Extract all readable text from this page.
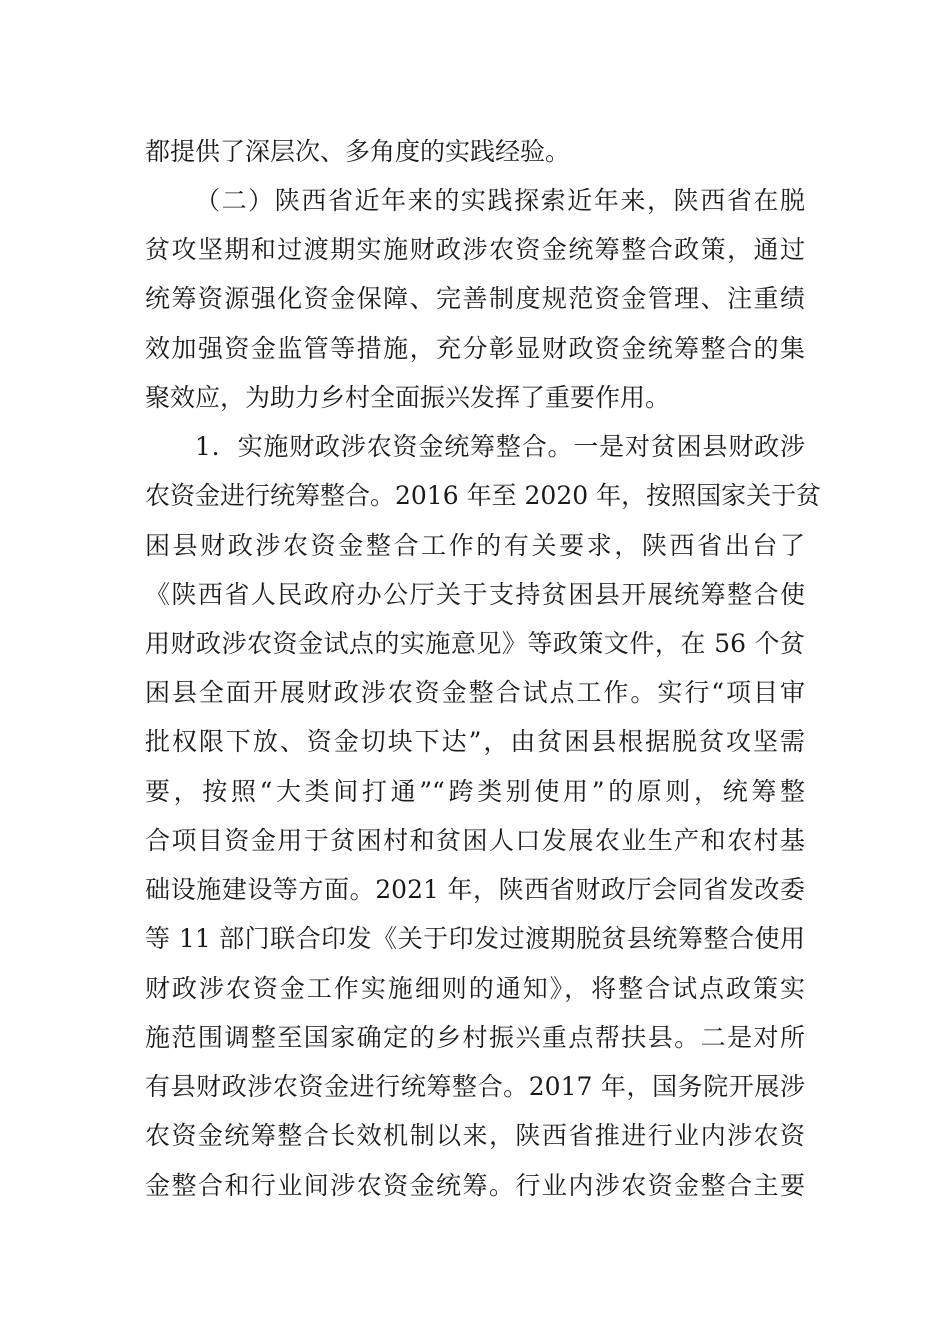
都提供了深层次、多角度的实践经验。

（二）陕西省近年来的实践探索近年来，陕西省在脱

贫攻坚期和过渡期实施财政涉农资金统筹整合政策，通过

统筹资源强化资金保障、完善制度规范资金管理、注重绩

效加强资金监管等措施，充分彰显财政资金统筹整合的集

聚效应，为助力乡村全面振兴发挥了重要作用。

1．实施财政涉农资金统筹整合。一是对贫困县财政涉

农资金进行统筹整合。2016 年至 2020 年，按照国家关于贫

困县财政涉农资金整合工作的有关要求，陕西省出台了

《陕西省人民政府办公厅关于支持贫困县开展统筹整合使

用财政涉农资金试点的实施意见》等政策文件，在 56 个贫

困县全面开展财政涉农资金整合试点工作。实行“项目审

批权限下放、资金切块下达”，由贫困县根据脱贫攻坚需

要，按照“大类间打通”“跨类别使用”的原则，统筹整

合项目资金用于贫困村和贫困人口发展农业生产和农村基

础设施建设等方面。2021 年，陕西省财政厅会同省发改委

等 11 部门联合印发《关于印发过渡期脱贫县统筹整合使用

财政涉农资金工作实施细则的通知》，将整合试点政策实

施范围调整至国家确定的乡村振兴重点帮扶县。二是对所

有县财政涉农资金进行统筹整合。2017 年，国务院开展涉

农资金统筹整合长效机制以来，陕西省推进行业内涉农资

金整合和行业间涉农资金统筹。行业内涉农资金整合主要
